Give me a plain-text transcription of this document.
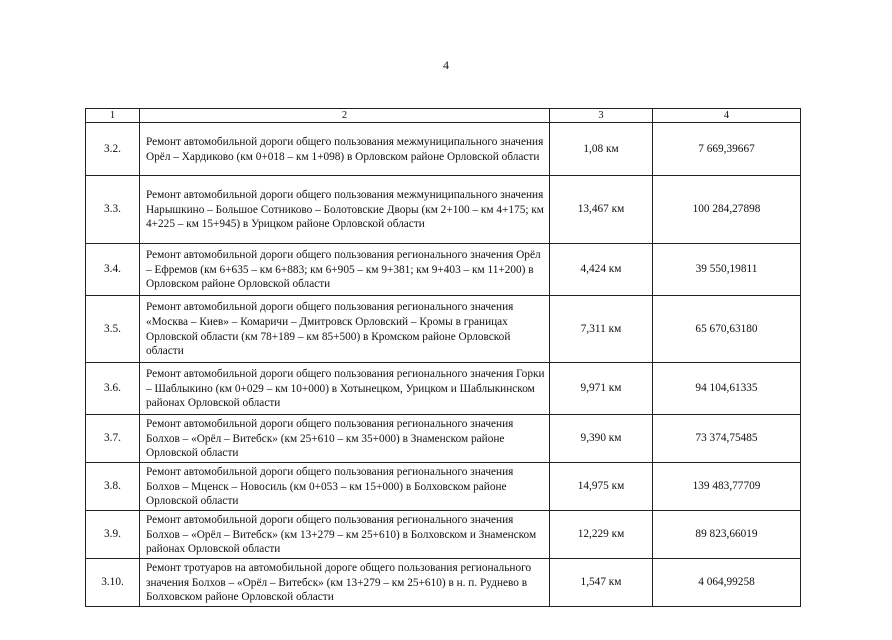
4
1	2	3	4
3.2.	Ремонт автомобильной дороги общего пользования межмуниципального значения Орёл – Хардиково (км 0+018 – км 1+098) в Орловском районе Орловской области	1,08 км	7 669,39667
3.3.	Ремонт автомобильной дороги общего пользования межмуниципального значения Нарышкино – Большое Сотниково – Болотовские Дворы (км 2+100 – км 4+175; км 4+225 – км 15+945) в Урицком районе Орловской области	13,467 км	100 284,27898
3.4.	Ремонт автомобильной дороги общего пользования регионального значения Орёл – Ефремов (км 6+635 – км 6+883; км 6+905 – км 9+381; км 9+403 – км 11+200) в Орловском районе Орловской области	4,424 км	39 550,19811
3.5.	Ремонт автомобильной дороги общего пользования регионального значения «Москва – Киев» – Комаричи – Дмитровск Орловский – Кромы в границах Орловской области (км 78+189 – км 85+500) в Кромском районе Орловской области	7,311 км	65 670,63180
3.6.	Ремонт автомобильной дороги общего пользования регионального значения Горки – Шаблыкино (км 0+029 – км 10+000) в Хотынецком, Урицком и Шаблыкинском районах Орловской области	9,971 км	94 104,61335
3.7.	Ремонт автомобильной дороги общего пользования регионального значения Болхов – «Орёл – Витебск» (км 25+610 – км 35+000) в Знаменском районе Орловской области	9,390 км	73 374,75485
3.8.	Ремонт автомобильной дороги общего пользования регионального значения Болхов – Мценск – Новосиль (км 0+053 – км 15+000) в Болховском районе Орловской области	14,975 км	139 483,77709
3.9.	Ремонт автомобильной дороги общего пользования регионального значения Болхов – «Орёл – Витебск» (км 13+279 – км 25+610) в Болховском и Знаменском районах Орловской области	12,229 км	89 823,66019
3.10.	Ремонт тротуаров на автомобильной дороге общего пользования регионального значения Болхов – «Орёл – Витебск» (км 13+279 – км 25+610) в н. п. Руднево в Болховском районе Орловской области	1,547 км	4 064,99258
